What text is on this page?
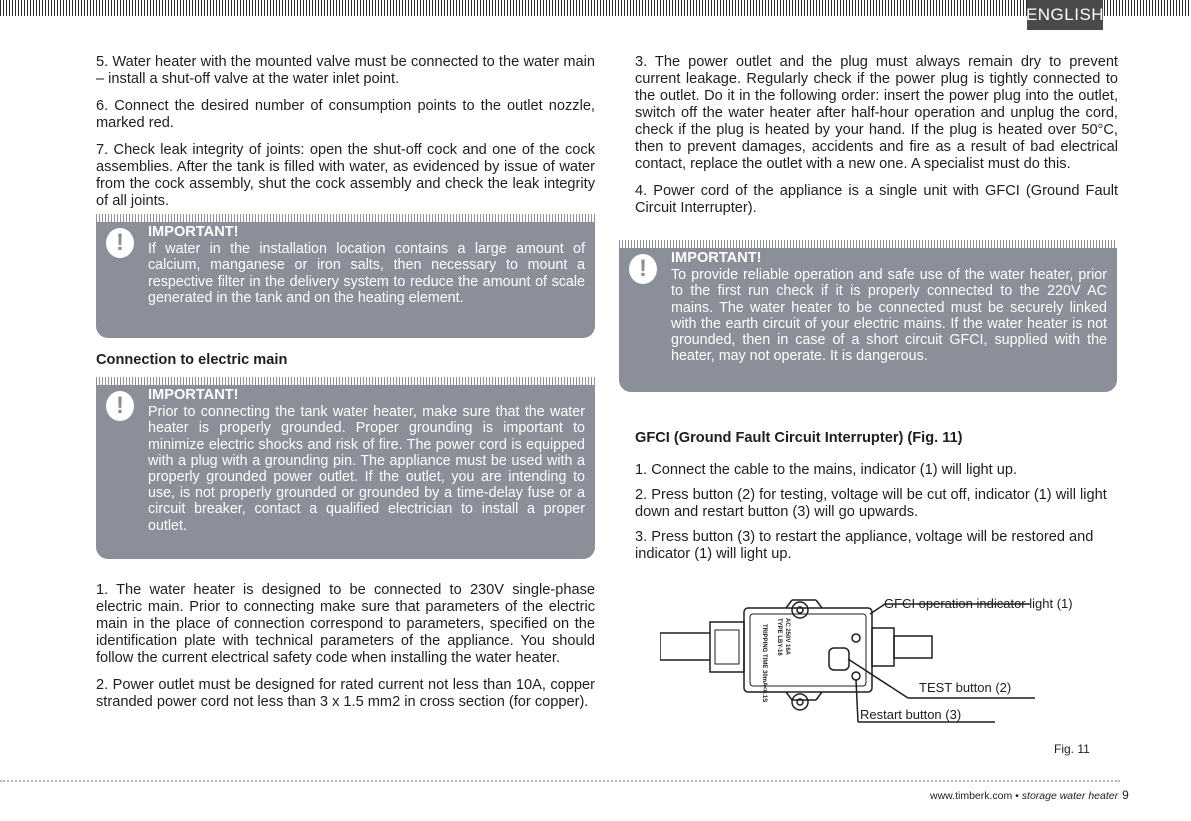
ENGLISH

5. Water heater with the mounted valve must be connected to the water main – install a shut-off valve at the water inlet point.

6. Connect the desired number of consumption points to the outlet nozzle, marked red.

7. Check leak integrity of joints: open the shut-off cock and one of the cock assemblies. After the tank is filled with water, as evidenced by issue of water from the cock assembly, shut the cock assembly and check the leak integrity of all joints.

!	IMPORTANT!
If water in the installation location contains a large amount of calcium, manganese or iron salts, then necessary to mount a respective filter in the delivery system to reduce the amount of scale generated in the tank and on the heating element.
Connection to electric main
!	IMPORTANT!
Prior to connecting the tank water heater, make sure that the water heater is properly grounded. Proper grounding is important to minimize electric shocks and risk of fire. The power cord is equipped with a plug with a grounding pin. The appliance must be used with a properly grounded power outlet. If the outlet, you are intending to use, is not properly grounded or grounded by a time-delay fuse or a circuit breaker, contact a qualified electrician to install a proper outlet.

1. The water heater is designed to be connected to 230V single-phase electric main. Prior to connecting make sure that parameters of the electric main in the place of connection correspond to parameters, specified on the identification plate with technical parameters of the appliance. You should follow the current electrical safety code when installing the water heater.

2. Power outlet must be designed for rated current not less than 10A, copper stranded power cord not less than 3 x 1.5 mm2 in cross section (for copper).

3. The power outlet and the plug must always remain dry to prevent current leakage. Regularly check if the power plug is tightly connected to the outlet. Do it in the following order: insert the power plug into the outlet, switch off the water heater after half-hour operation and unplug the cord, check if the plug is heated by your hand. If the plug is heated over 50°C, then to prevent damages, accidents and fire as a result of bad electrical contact, replace the outlet with a new one. A specialist must do this.

4. Power cord of the appliance is a single unit with GFCI (Ground Fault Circuit Interrupter).

!	IMPORTANT!
To provide reliable operation and safe use of the water heater, prior to the first run check if it is properly connected to the 220V AC mains. The water heater to be connected must be securely linked with the earth circuit of your electric mains. If the water heater is not grounded, then in case of a short circuit GFCI, supplied with the heater, may not operate. It is dangerous.
GFCI (Ground Fault Circuit Interrupter) (Fig. 11)

1. Connect the cable to the mains, indicator (1) will light up.

2. Press button (2) for testing, voltage will be cut off, indicator (1) will light down and restart button (3) will go upwards.

3. Press button (3) to restart the appliance, voltage will be restored and indicator (1) will light up.

TYPE LBY-16 AC 250V 16A
TRIPPING TIME 30mA<0.1S
GFCI operation indicator light (1)
TEST button (2)
Restart button (3)
Fig. 11
www.timberk.com • storage water heater 9
